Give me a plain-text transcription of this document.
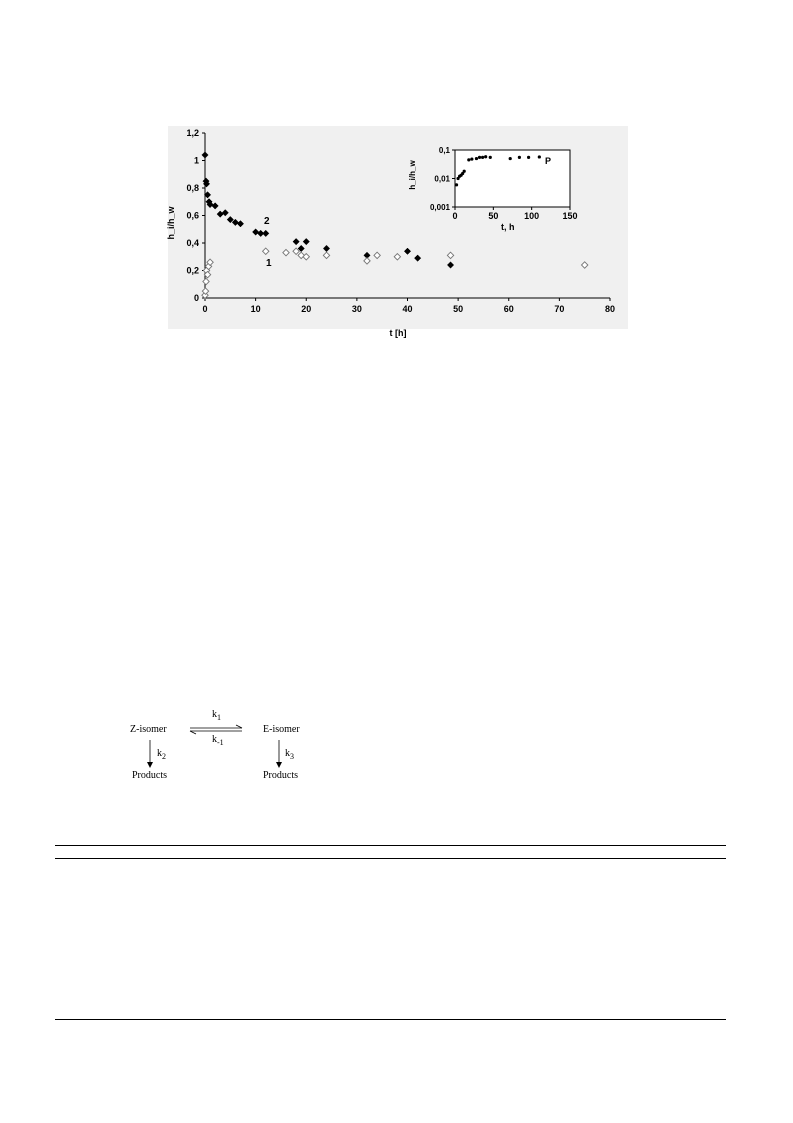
0
0,2
0,4
0,6
0,8
1
1,2
0	10	20	30	40	50	60	70	80
h_i/h_w
t [h]
2
1
0,001
0,01
0,1
0	50	100	150
h_i/h_w
t, h
P
Z-isomer	E-isomer
$k_1$
$k_{-1}$
$k_2$	$k_3$
Products	Products
